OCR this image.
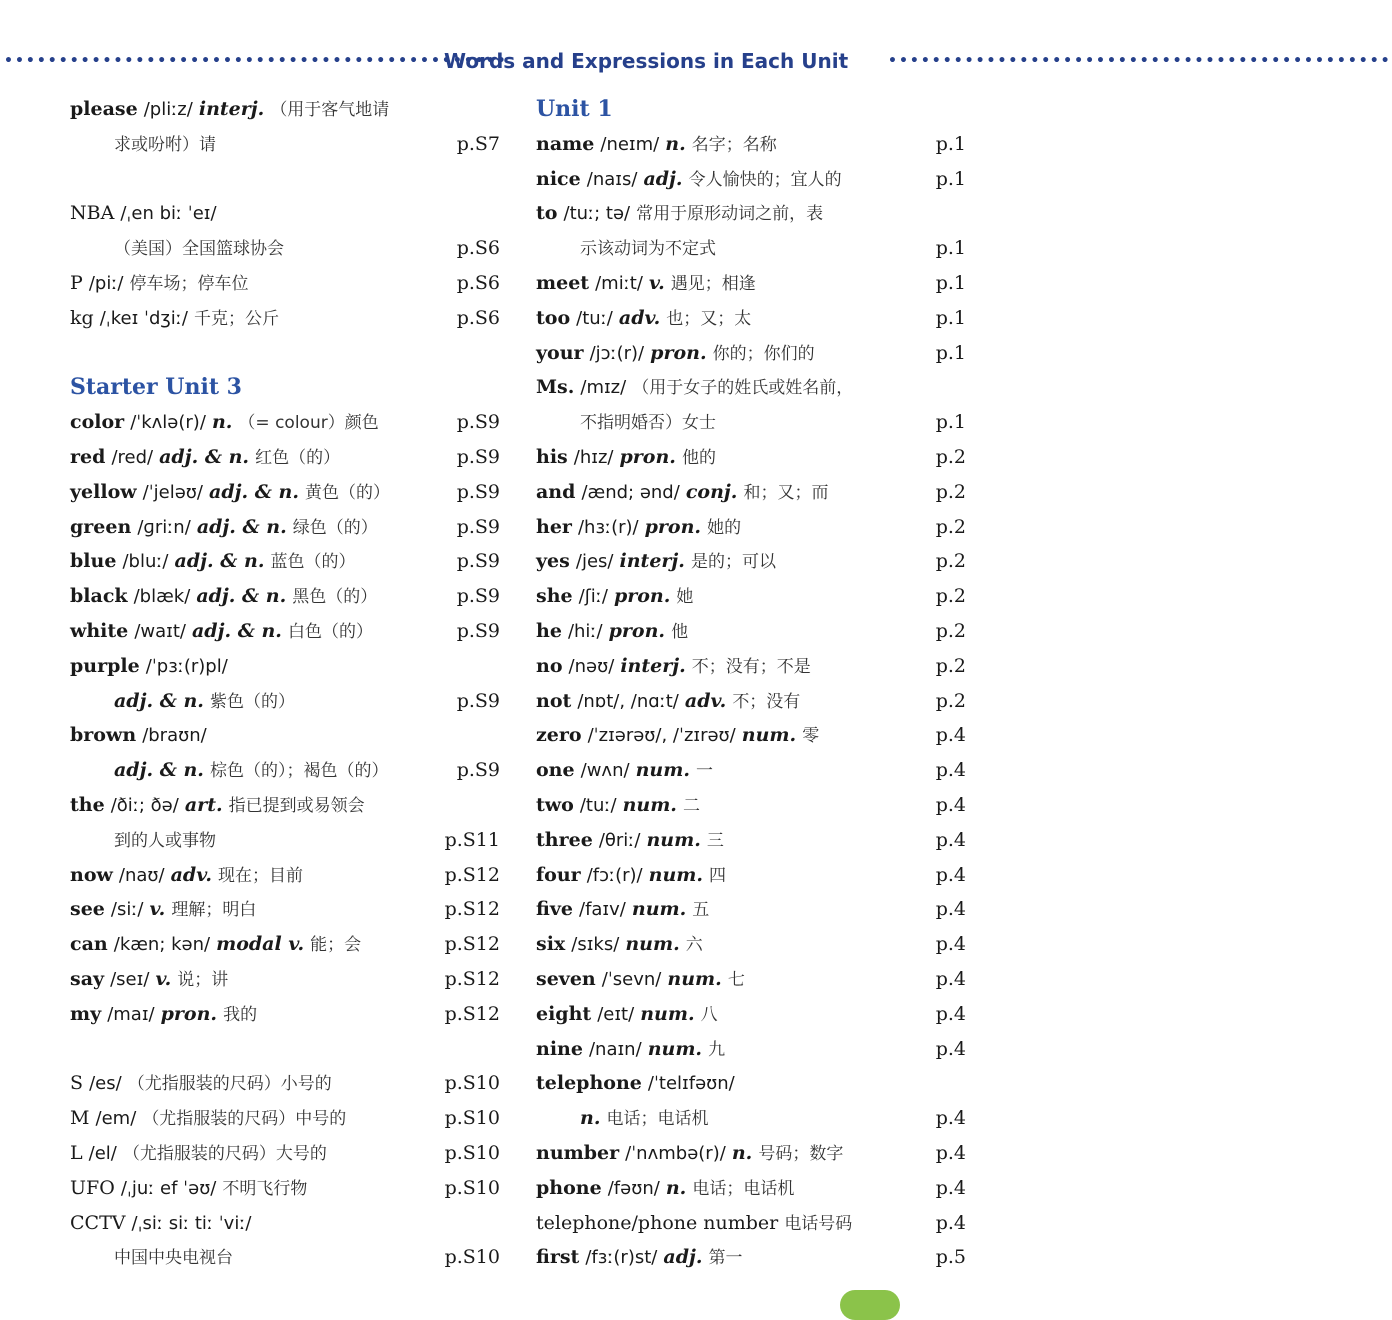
••••••••••••••••••••••••••••••••••••••••••••••
Words and Expressions in Each Unit	••••••••••••••••••••••••••••••••••••••••••••••
please /pliːz/ interj. （用于客气地请
求或吩咐）请	p.S7
NBA /ˌen biː ˈeɪ/
（美国）全国篮球协会	p.S6
P /piː/ 停车场；停车位	p.S6
kg /ˌkeɪ ˈdʒiː/ 千克；公斤	p.S6
Starter Unit 3
color /ˈkʌlə(r)/ n. （= colour）颜色	p.S9
red /red/ adj. & n. 红色（的）	p.S9
yellow /ˈjeləʊ/ adj. & n. 黄色（的）	p.S9
green /ɡriːn/ adj. & n. 绿色（的）	p.S9
blue /bluː/ adj. & n. 蓝色（的）	p.S9
black /blæk/ adj. & n. 黑色（的）	p.S9
white /waɪt/ adj. & n. 白色（的）	p.S9
purple /ˈpɜː(r)pl/
adj. & n. 紫色（的）	p.S9
brown /braʊn/
adj. & n. 棕色（的）；褐色（的）	p.S9
the /ðiː; ðə/ art. 指已提到或易领会
到的人或事物	p.S11
now /naʊ/ adv. 现在；目前	p.S12
see /siː/ v. 理解；明白	p.S12
can /kæn; kən/ modal v. 能；会	p.S12
say /seɪ/ v. 说；讲	p.S12
my /maɪ/ pron. 我的	p.S12
S /es/ （尤指服装的尺码）小号的	p.S10
M /em/ （尤指服装的尺码）中号的	p.S10
L /el/ （尤指服装的尺码）大号的	p.S10
UFO /ˌjuː ef ˈəʊ/ 不明飞行物	p.S10
CCTV /ˌsiː siː tiː ˈviː/
中国中央电视台	p.S10
Unit 1
name /neɪm/ n. 名字；名称	p.1
nice /naɪs/ adj. 令人愉快的；宜人的	p.1
to /tuː; tə/ 常用于原形动词之前，表
示该动词为不定式	p.1
meet /miːt/ v. 遇见；相逢	p.1
too /tuː/ adv. 也；又；太	p.1
your /jɔː(r)/ pron. 你的；你们的	p.1
Ms. /mɪz/ （用于女子的姓氏或姓名前，
不指明婚否）女士	p.1
his /hɪz/ pron. 他的	p.2
and /ænd; ənd/ conj. 和；又；而	p.2
her /hɜː(r)/ pron. 她的	p.2
yes /jes/ interj. 是的；可以	p.2
she /ʃiː/ pron. 她	p.2
he /hiː/ pron. 他	p.2
no /nəʊ/ interj. 不；没有；不是	p.2
not /nɒt/, /nɑːt/ adv. 不；没有	p.2
zero /ˈzɪərəʊ/, /ˈzɪrəʊ/ num. 零	p.4
one /wʌn/ num. 一	p.4
two /tuː/ num. 二	p.4
three /θriː/ num. 三	p.4
four /fɔː(r)/ num. 四	p.4
five /faɪv/ num. 五	p.4
six /sɪks/ num. 六	p.4
seven /ˈsevn/ num. 七	p.4
eight /eɪt/ num. 八	p.4
nine /naɪn/ num. 九	p.4
telephone /ˈtelɪfəʊn/
n. 电话；电话机	p.4
number /ˈnʌmbə(r)/ n. 号码；数字	p.4
phone /fəʊn/ n. 电话；电话机	p.4
telephone/phone number 电话号码	p.4
first /fɜː(r)st/ adj. 第一	p.5
